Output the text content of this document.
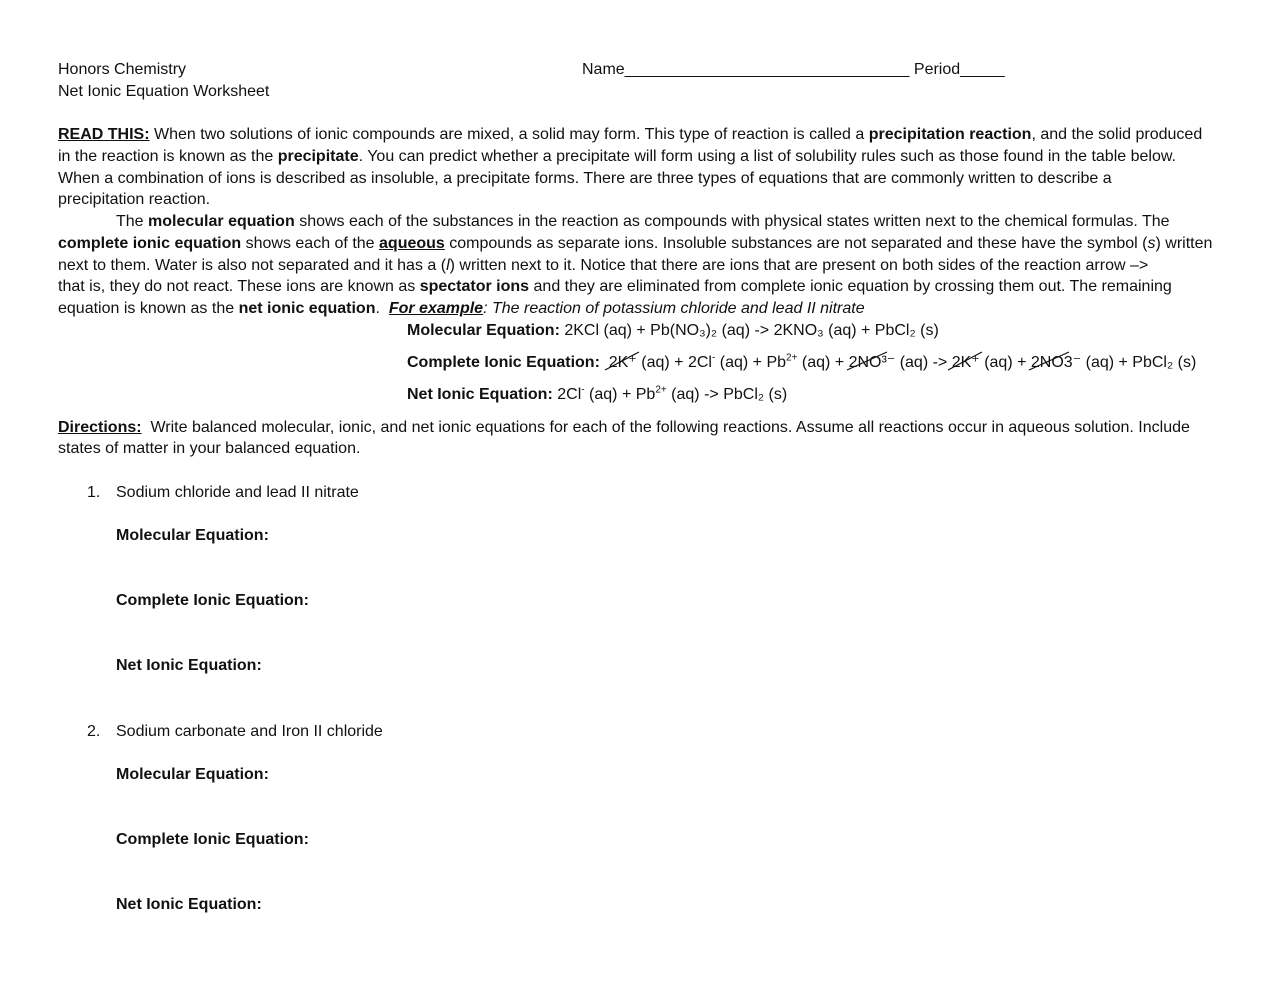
Honors Chemistry
Net Ionic Equation Worksheet
Name________________________________ Period_____
READ THIS: When two solutions of ionic compounds are mixed, a solid may form. This type of reaction is called a precipitation reaction, and the solid produced
in the reaction is known as the precipitate. You can predict whether a precipitate will form using a list of solubility rules such as those found in the table below.
When a combination of ions is described as insoluble, a precipitate forms. There are three types of equations that are commonly written to describe a
precipitation reaction.
The molecular equation shows each of the substances in the reaction as compounds with physical states written next to the chemical formulas. The
complete ionic equation shows each of the aqueous compounds as separate ions. Insoluble substances are not separated and these have the symbol (s) written
next to them. Water is also not separated and it has a (l) written next to it. Notice that there are ions that are present on both sides of the reaction arrow –>
that is, they do not react. These ions are known as spectator ions and they are eliminated from complete ionic equation by crossing them out. The remaining
equation is known as the net ionic equation. For example: The reaction of potassium chloride and lead II nitrate
Molecular Equation: 2KCl (aq) + Pb(NO₃)₂ (aq) -> 2KNO₃ (aq) + PbCl₂ (s)
Complete Ionic Equation: 2K⁺ (aq) + 2Cl- $(aq) + Pb^{2+}$ (aq) + 2NO³⁻ (aq) -> 2K⁺ (aq) + 2NO3⁻ (aq) + PbCl₂ (s)
Net Ionic Equation: 2Cl- $(aq) + Pb^{2+}$ (aq) -> PbCl₂ (s)
Directions: Write balanced molecular, ionic, and net ionic equations for each of the following reactions. Assume all reactions occur in aqueous solution. Include
states of matter in your balanced equation.
1. Sodium chloride and lead II nitrate
Molecular Equation:
Complete Ionic Equation:
Net Ionic Equation:
2. Sodium carbonate and Iron II chloride
Molecular Equation:
Complete Ionic Equation:
Net Ionic Equation:
